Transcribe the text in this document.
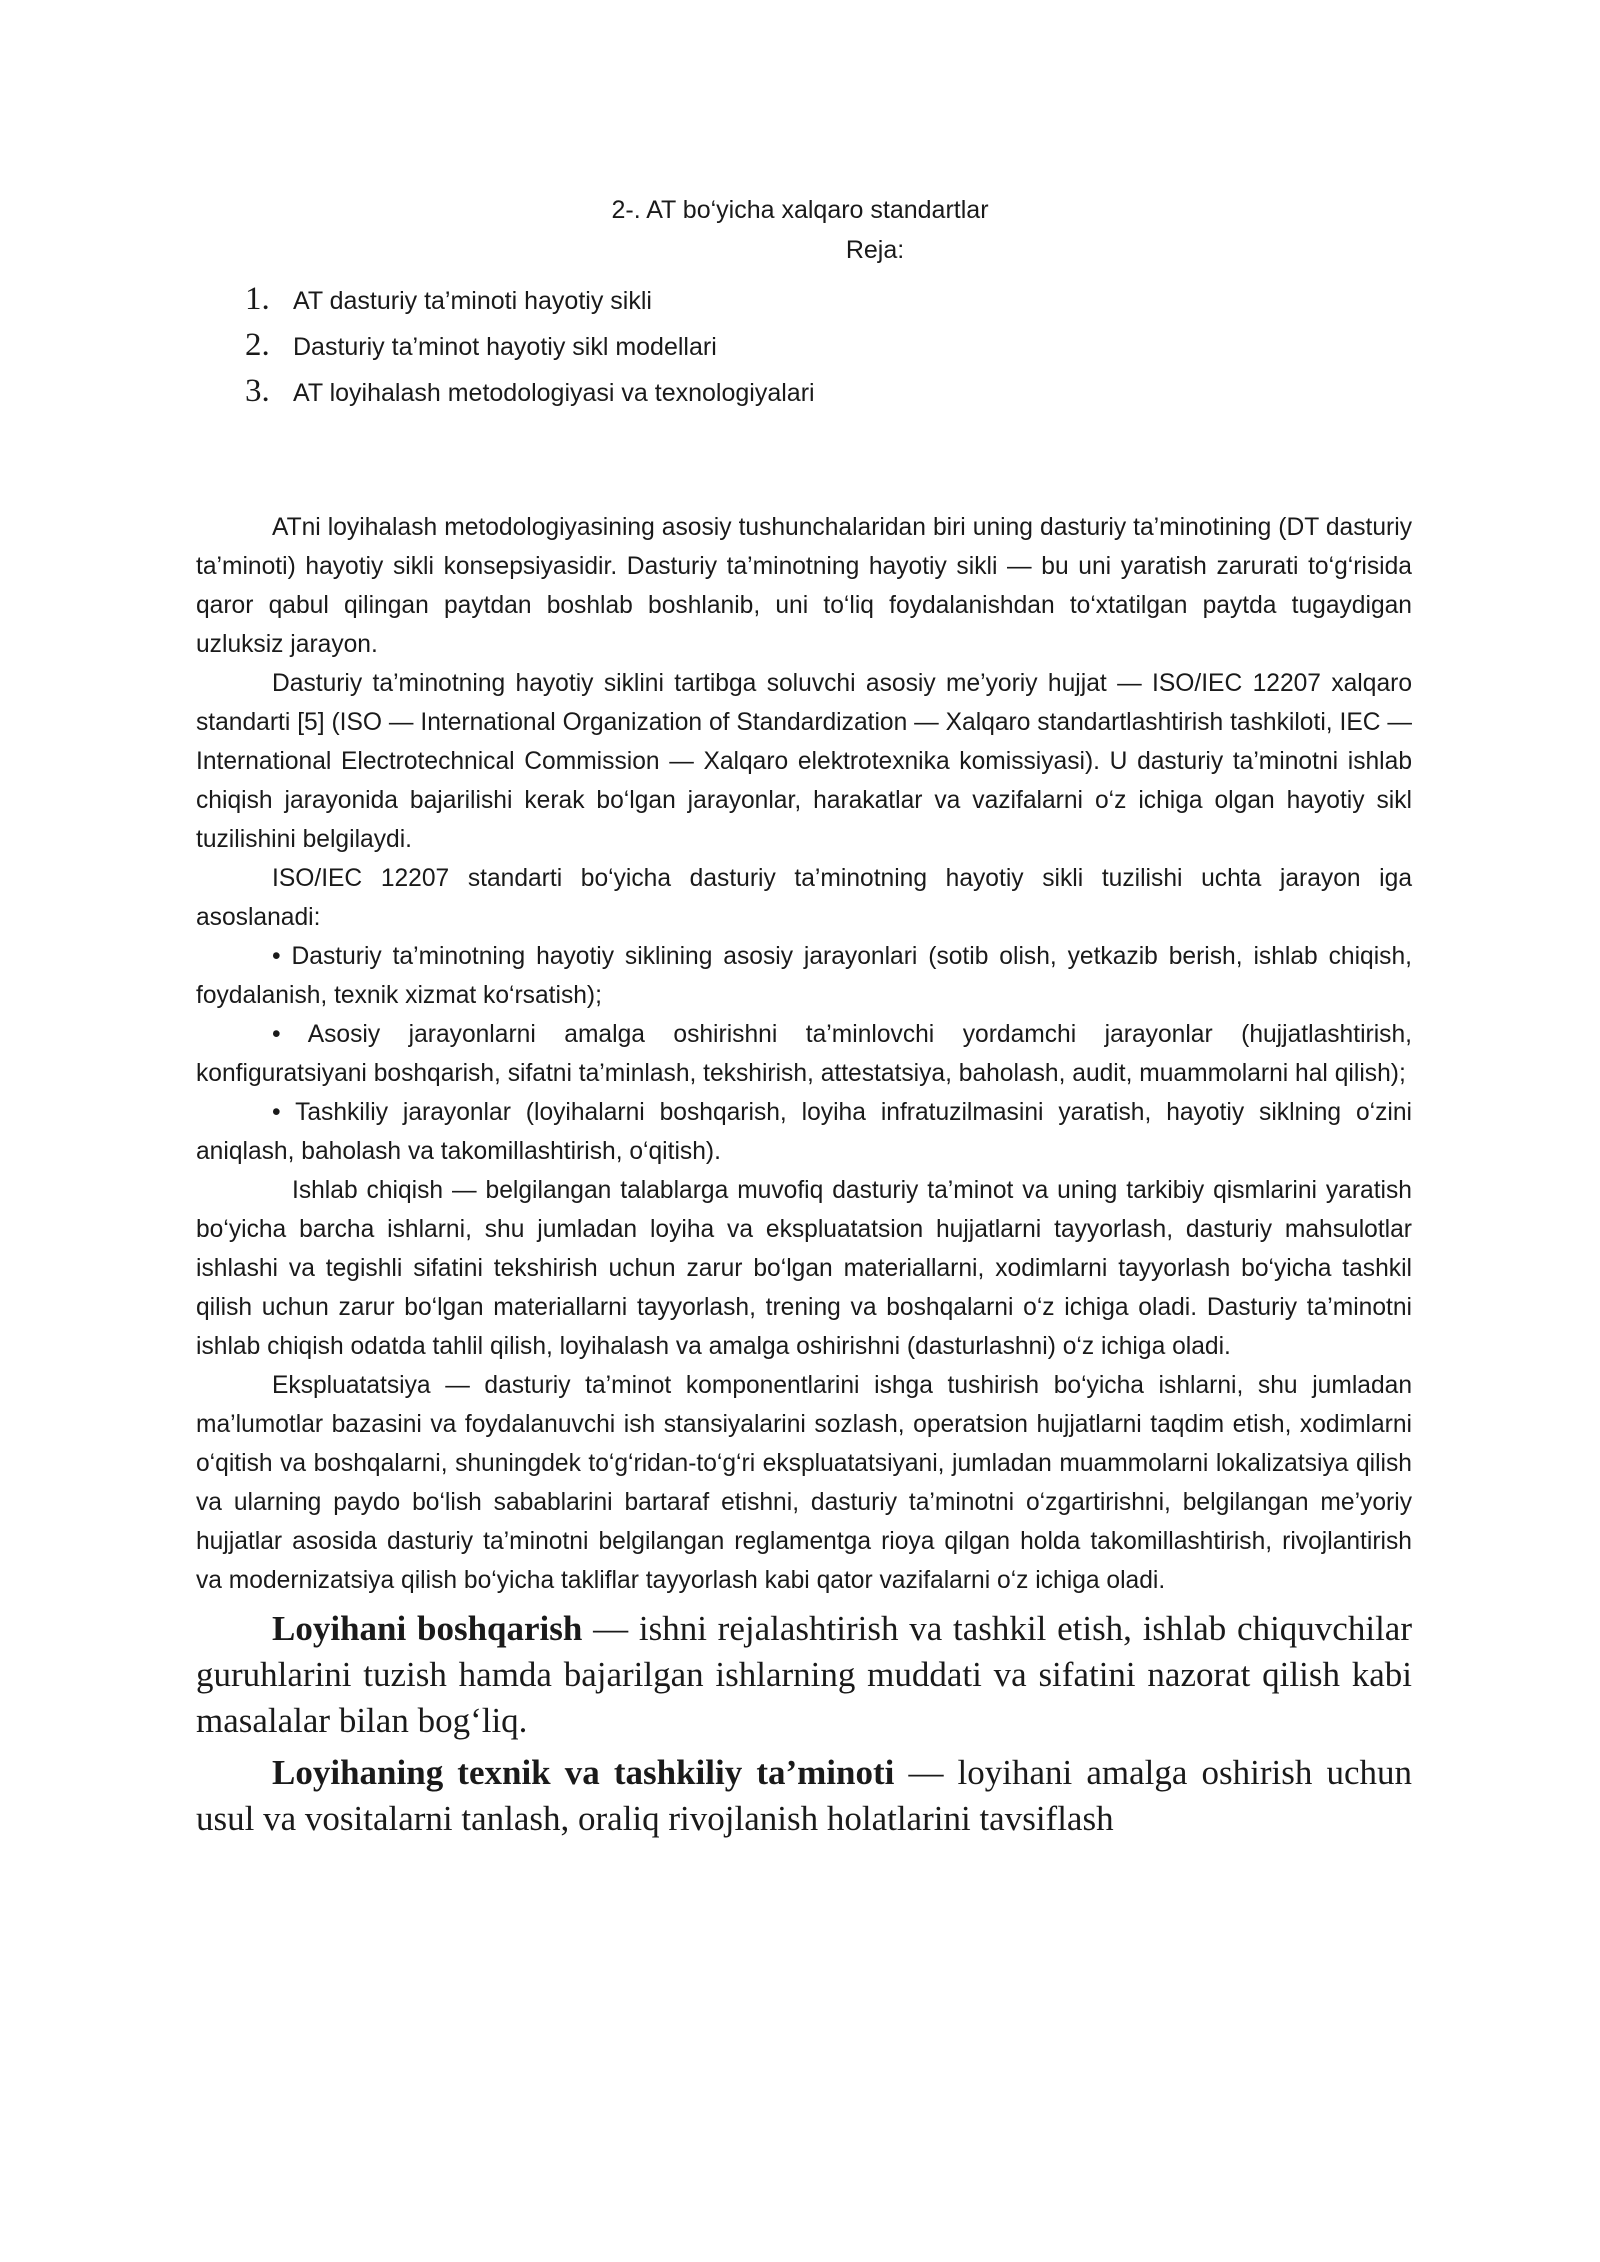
2-. AT bo‘yicha xalqaro standartlar
Reja:
1. AT dasturiy ta’minoti hayotiy sikli
2. Dasturiy ta’minot hayotiy sikl modellari
3. AT loyihalash metodologiyasi va texnologiyalari

ATni loyihalash metodologiyasining asosiy tushunchalaridan biri uning dasturiy ta’minotining (DT dasturiy ta’minoti) hayotiy sikli konsepsiyasidir. Dasturiy ta’minotning hayotiy sikli — bu uni yaratish zarurati to‘g‘risida qaror qabul qilingan paytdan boshlab boshlanib, uni to‘liq foydalanishdan to‘xtatilgan paytda tugaydigan uzluksiz jarayon.

Dasturiy ta’minotning hayotiy siklini tartibga soluvchi asosiy me’yoriy hujjat — ISO/IEC 12207 xalqaro standarti [5] (ISO — International Organization of Standardization — Xalqaro standartlashtirish tashkiloti, IEC — International Electrotechnical Commission — Xalqaro elektrotexnika komissiyasi). U dasturiy ta’minotni ishlab chiqish jarayonida bajarilishi kerak bo‘lgan jarayonlar, harakatlar va vazifalarni o‘z ichiga olgan hayotiy sikl tuzilishini belgilaydi.

ISO/IEC 12207 standarti bo‘yicha dasturiy ta’minotning hayotiy sikli tuzilishi uchta jarayon iga asoslanadi:

• Dasturiy ta’minotning hayotiy siklining asosiy jarayonlari (sotib olish, yetkazib berish, ishlab chiqish, foydalanish, texnik xizmat ko‘rsatish);

• Asosiy jarayonlarni amalga oshirishni ta’minlovchi yordamchi jarayonlar (hujjatlashtirish, konfiguratsiyani boshqarish, sifatni ta’minlash, tekshirish, attestatsiya, baholash, audit, muammolarni hal qilish);

• Tashkiliy jarayonlar (loyihalarni boshqarish, loyiha infratuzilmasini yaratish, hayotiy siklning o‘zini aniqlash, baholash va takomillashtirish, o‘qitish).

Ishlab chiqish — belgilangan talablarga muvofiq dasturiy ta’minot va uning tarkibiy qismlarini yaratish bo‘yicha barcha ishlarni, shu jumladan loyiha va ekspluatatsion hujjatlarni tayyorlash, dasturiy mahsulotlar ishlashi va tegishli sifatini tekshirish uchun zarur bo‘lgan materiallarni, xodimlarni tayyorlash bo‘yicha tashkil qilish uchun zarur bo‘lgan materiallarni tayyorlash, trening va boshqalarni o‘z ichiga oladi. Dasturiy ta’minotni ishlab chiqish odatda tahlil qilish, loyihalash va amalga oshirishni (dasturlashni) o‘z ichiga oladi.

Ekspluatatsiya — dasturiy ta’minot komponentlarini ishga tushirish bo‘yicha ishlarni, shu jumladan ma’lumotlar bazasini va foydalanuvchi ish stansiyalarini sozlash, operatsion hujjatlarni taqdim etish, xodimlarni o‘qitish va boshqalarni, shuningdek to‘g‘ridan-to‘g‘ri ekspluatatsiyani, jumladan muammolarni lokalizatsiya qilish va ularning paydo bo‘lish sabablarini bartaraf etishni, dasturiy ta’minotni o‘zgartirishni, belgilangan me’yoriy hujjatlar asosida dasturiy ta’minotni belgilangan reglamentga rioya qilgan holda takomillashtirish, rivojlantirish va modernizatsiya qilish bo‘yicha takliflar tayyorlash kabi qator vazifalarni o‘z ichiga oladi.

Loyihani boshqarish — ishni rejalashtirish va tashkil etish, ishlab chiquvchilar guruhlarini tuzish hamda bajarilgan ishlarning muddati va sifatini nazorat qilish kabi masalalar bilan bog‘liq.

Loyihaning texnik va tashkiliy ta’minoti — loyihani amalga oshirish uchun usul va vositalarni tanlash, oraliq rivojlanish holatlarini tavsiflash
